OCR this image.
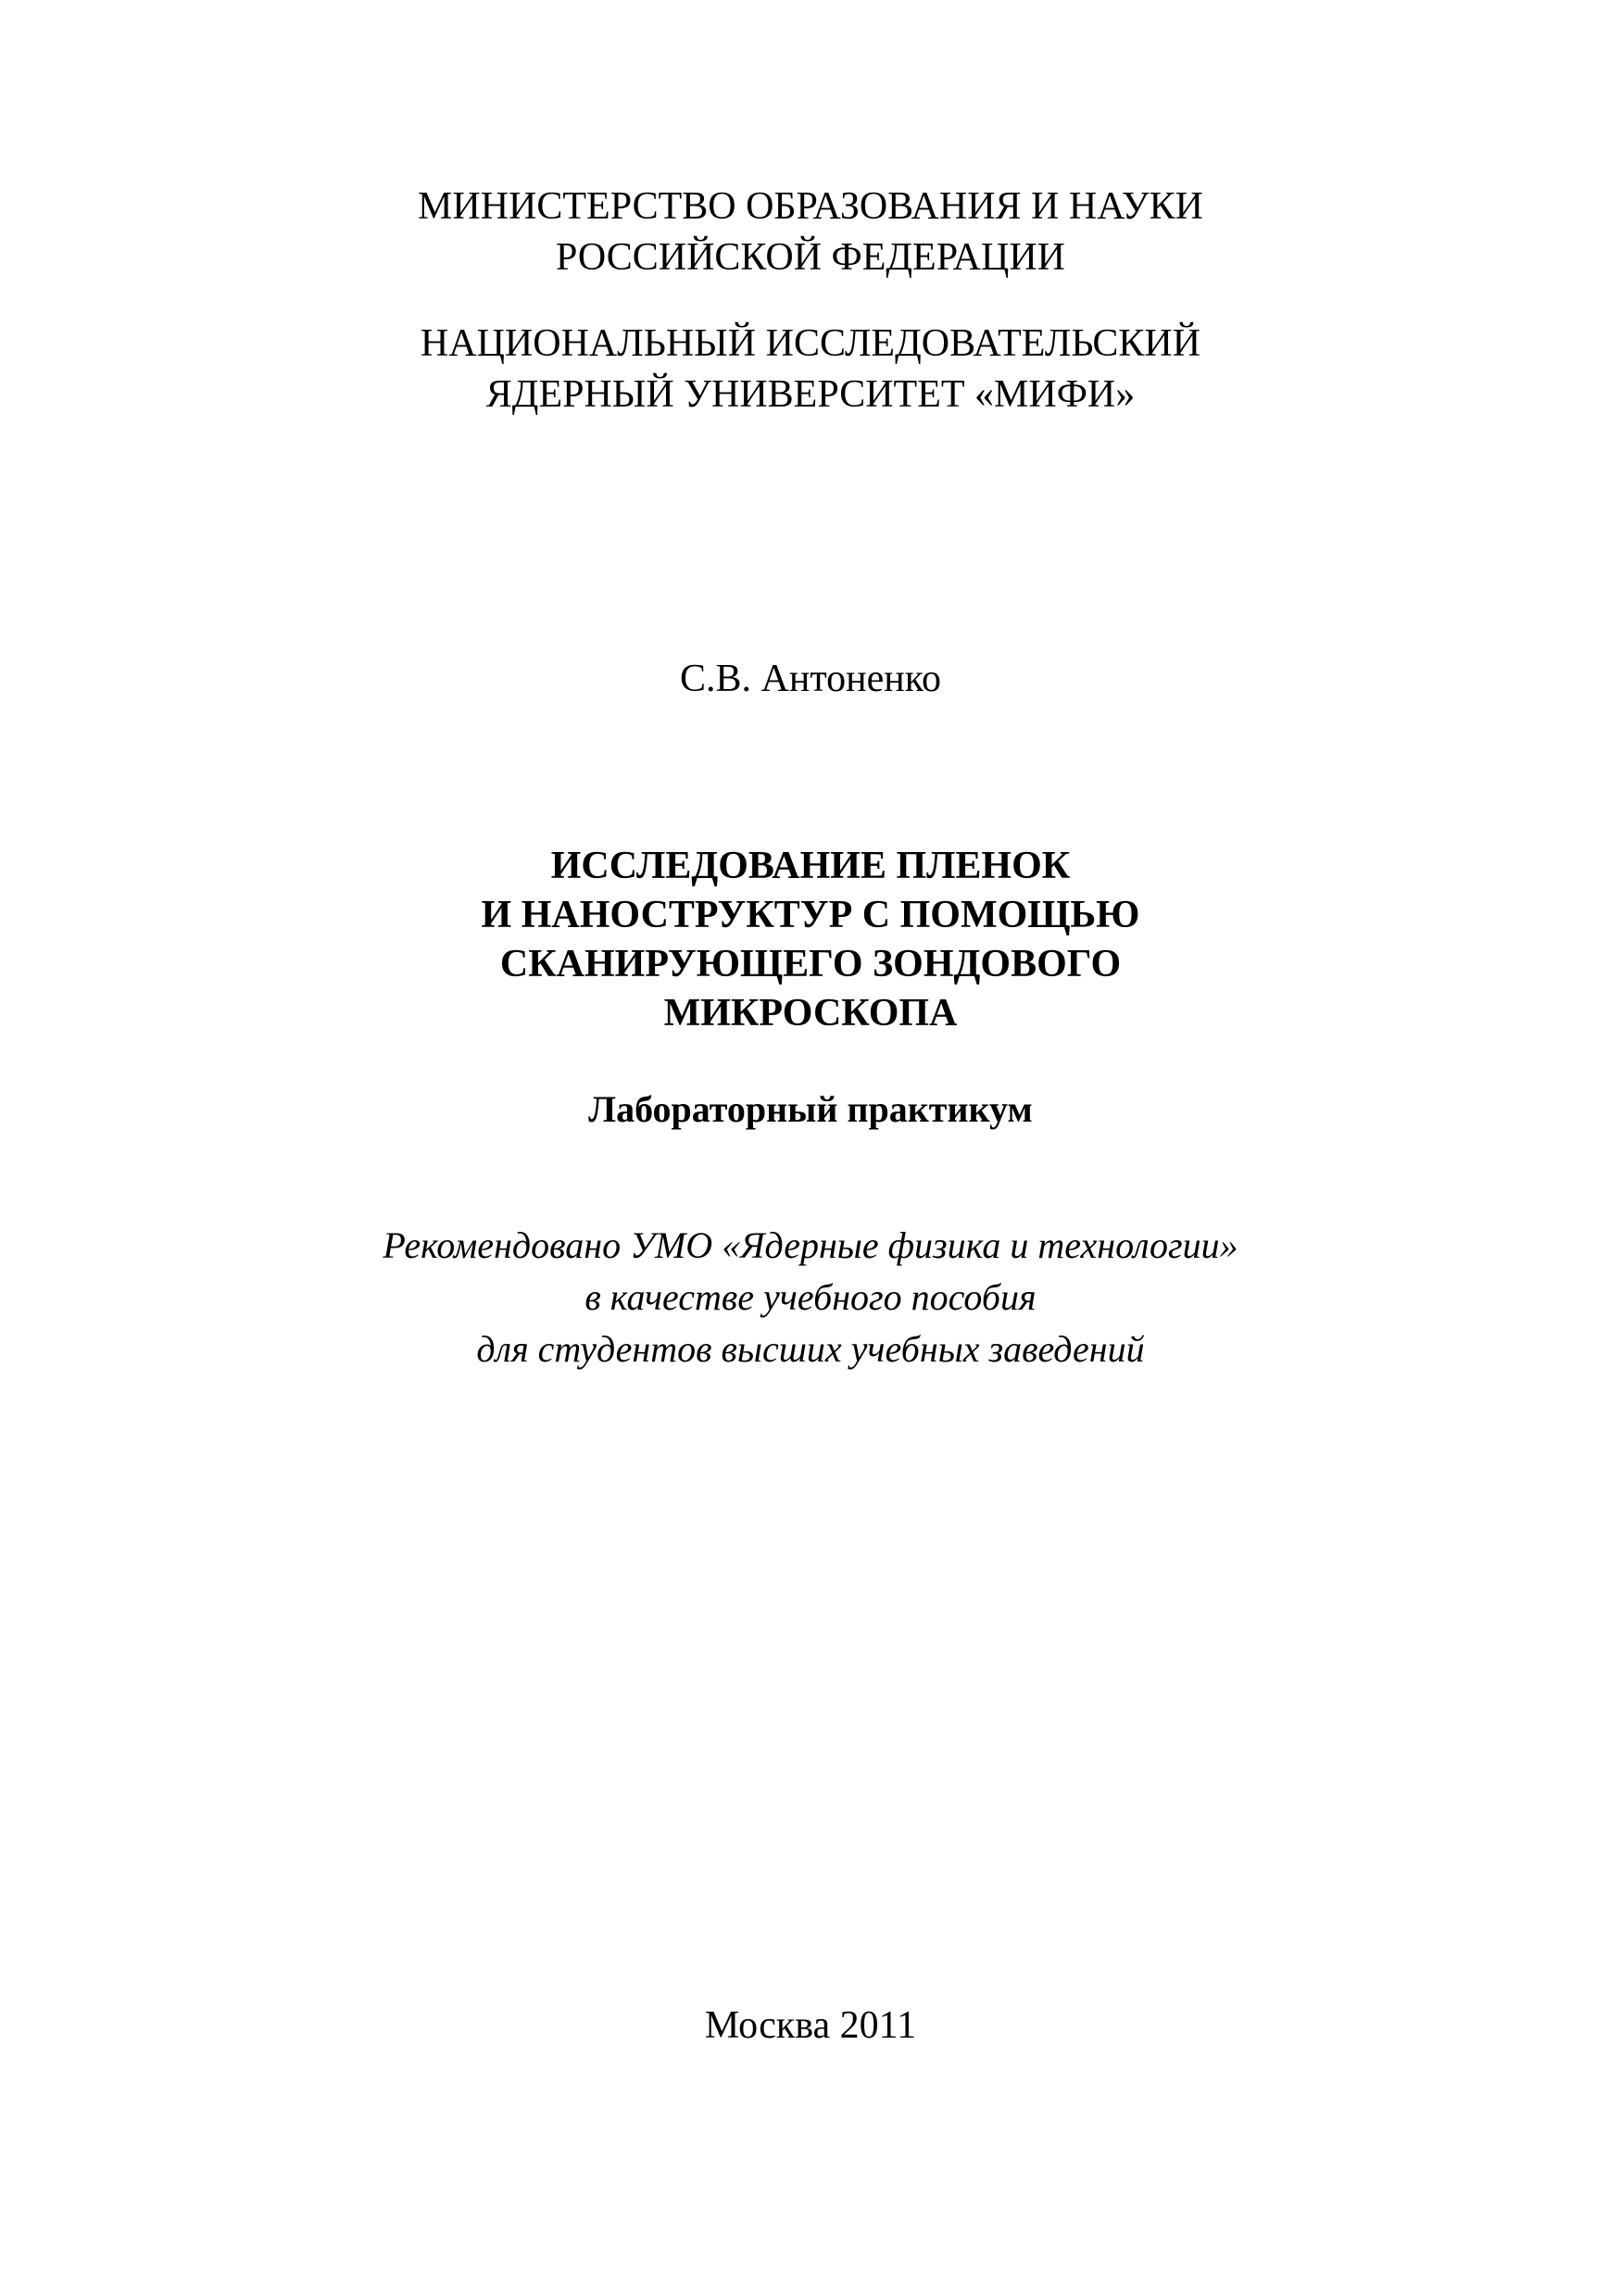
МИНИСТЕРСТВО ОБРАЗОВАНИЯ И НАУКИ
РОССИЙСКОЙ ФЕДЕРАЦИИ
НАЦИОНАЛЬНЫЙ ИССЛЕДОВАТЕЛЬСКИЙ
ЯДЕРНЫЙ УНИВЕРСИТЕТ «МИФИ»
С.В. Антоненко
ИССЛЕДОВАНИЕ ПЛЕНОК
И НАНОСТРУКТУР С ПОМОЩЬЮ
СКАНИРУЮЩЕГО ЗОНДОВОГО
МИКРОСКОПА
Лабораторный практикум
Рекомендовано УМО «Ядерные физика и технологии»
в качестве учебного пособия
для студентов высших учебных заведений
Москва 2011
